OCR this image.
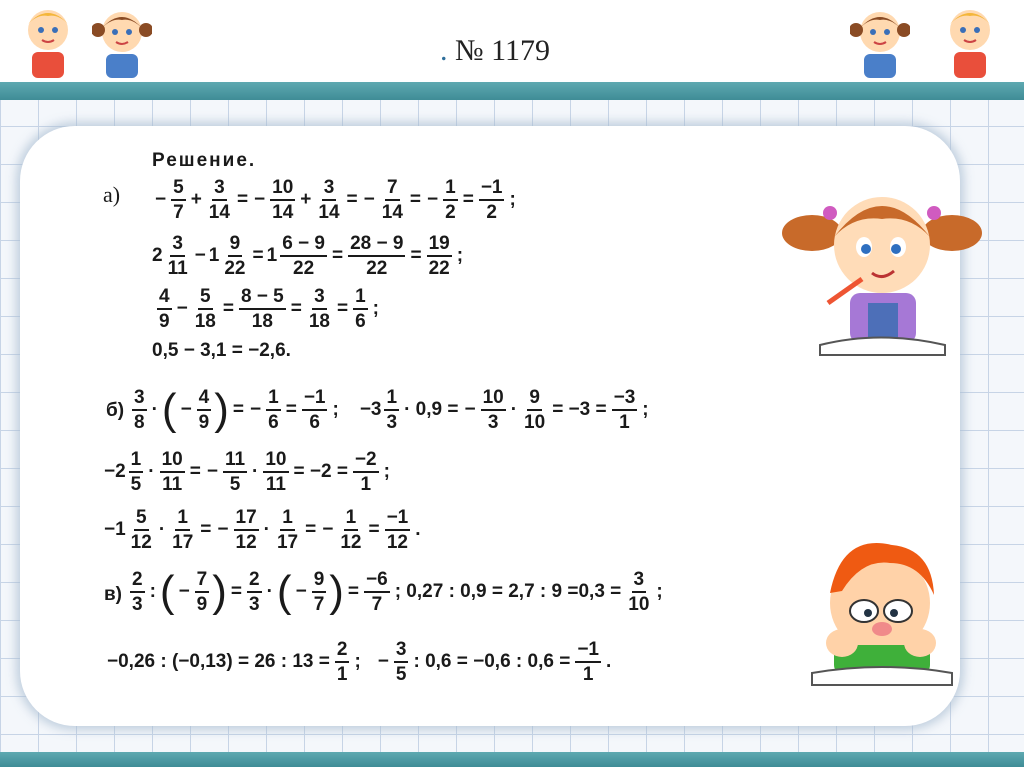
. № 1179
Решение.
$а) - \frac{5}{7} + \frac{3}{14}$ = − $\frac{10}{14} + \frac{3}{14}$ = − $\frac{7}{14}$ = − $\frac{1}{2} = \frac{-1}{2}$ ;
$2 \frac{3}{11} - 1 \frac{9}{22} = 1 \frac{6 - 9}{22} = \frac{28 - 9}{22} = \frac{19}{22}$ ;
$\frac{4}{9} - \frac{5}{18} = \frac{8 - 5}{18} = \frac{3}{18} = \frac{1}{6}$ ;
0,5 − 3,1 = −2,6.
$б) \frac{3}{8}$ · ( − $\frac{4}{9}$ ) = − $\frac{1}{6} = \frac{-1}{6}$ ; $-3 \frac{1}{3} \cdot 0,9$ = − $\frac{10}{3} \cdot \frac{9}{10} = -3 = \frac{-3}{1}$ ;
$-2 \frac{1}{5} \cdot \frac{10}{11}$ = − $\frac{11}{5} \cdot \frac{10}{11} = -2 = \frac{-2}{1}$ ;
$-1 \frac{5}{12} \cdot \frac{1}{17}$ = − $\frac{17}{12} \cdot \frac{1}{17}$ = − $\frac{1}{12} = \frac{-1}{12}$ .
$в) \frac{2}{3}$ : ( − $\frac{7}{9}$ ) = $\frac{2}{3}$ · ( − $\frac{9}{7}$ ) = $\frac{-6}{7}$ ; 0,27 : 0,9 = 2,7 : $9 =0,3 = \frac{3}{10}$ ;
−0,26 : (−0,13) = 26 : $13 = \frac{2}{1}$ ; − $\frac{3}{5}$ : 0,6 = −0,6 : $0,6 = \frac{-1}{1}$ .
